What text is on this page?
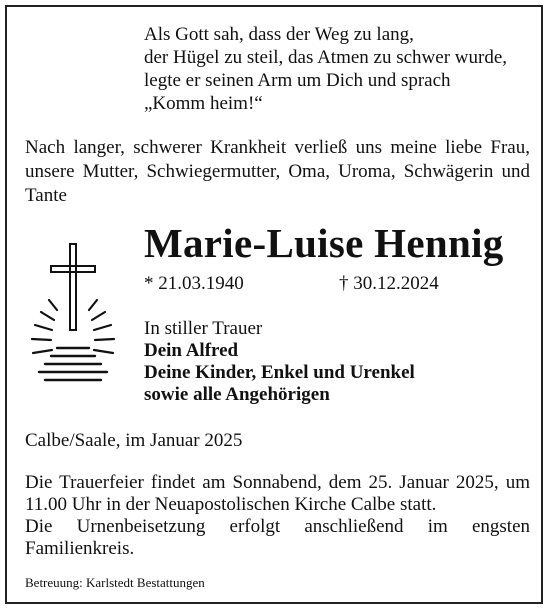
Als Gott sah, dass der Weg zu lang,
der Hügel zu steil, das Atmen zu schwer wurde,
legte er seinen Arm um Dich und sprach
„Komm heim!“
Nach langer, schwerer Krankheit verließ uns meine liebe Frau, unsere Mutter, Schwiegermutter, Oma, Uroma, Schwägerin und Tante
Marie-Luise Hennig
* 21.03.1940	† 30.12.2024
In stiller Trauer
Dein Alfred
Deine Kinder, Enkel und Urenkel
sowie alle Angehörigen
Calbe/Saale, im Januar 2025

Die Trauerfeier findet am Sonnabend, dem 25. Januar 2025, um 11.00 Uhr in der Neuapostolischen Kirche Calbe statt.

Die Urnenbeisetzung erfolgt anschließend im engsten Familienkreis.

Betreuung: Karlstedt Bestattungen
